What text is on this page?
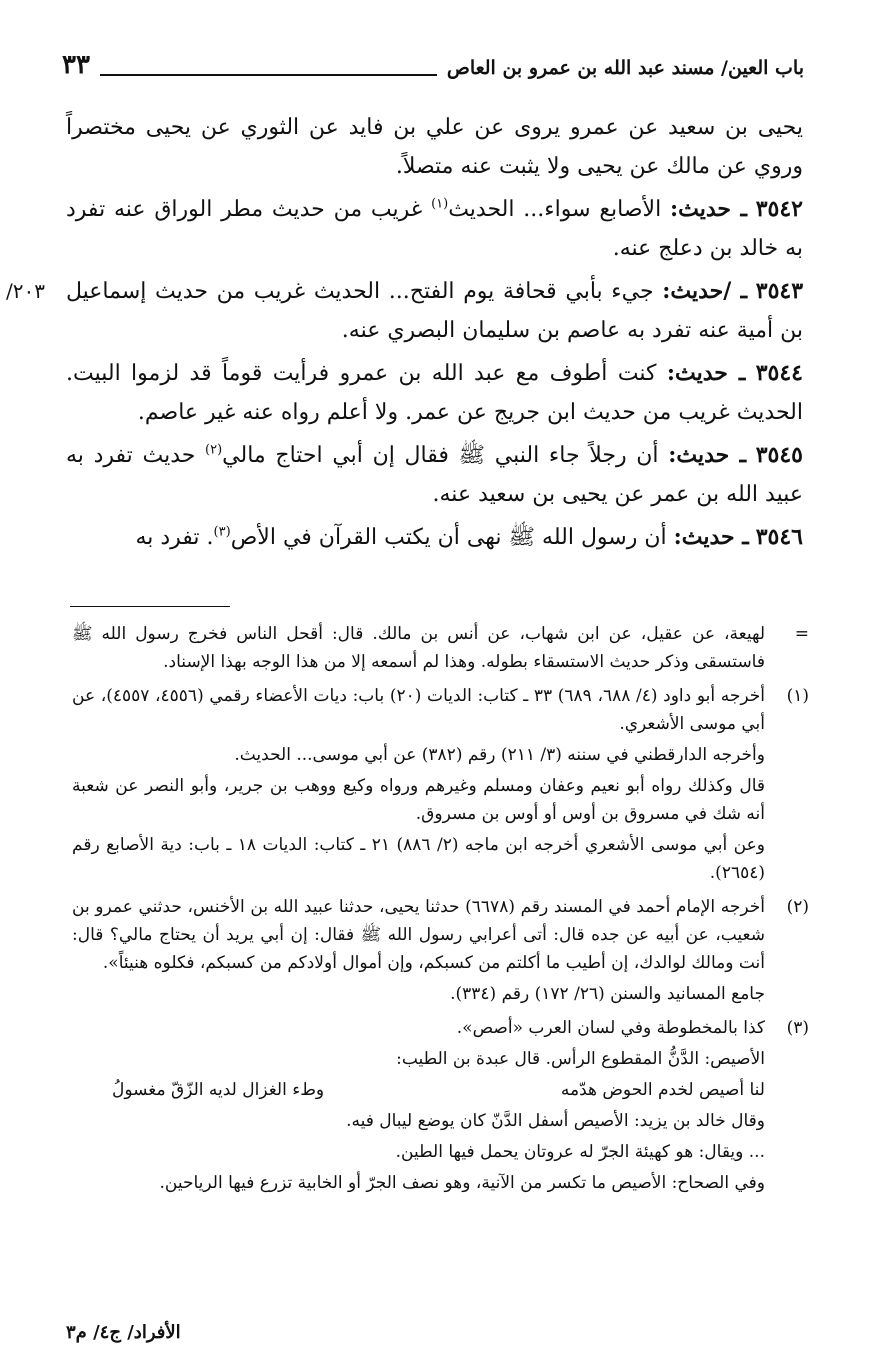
باب العين/ مسند عبد الله بن عمرو بن العاص
٣٣

يحيى بن سعيد عن عمرو يروى عن علي بن فايد عن الثوري عن يحيى مختصراً وروي عن مالك عن يحيى ولا يثبت عنه متصلاً.

٣٥٤٢ ـ حديث: الأصابع سواء... الحديث$^{(١)}$ غريب من حديث مطر الوراق عنه تفرد به خالد بن دعلج عنه.

٢٠٣/	٣٥٤٣ ـ /حديث: جيء بأبي قحافة يوم الفتح... الحديث غريب من حديث إسماعيل بن أمية عنه تفرد به عاصم بن سليمان البصري عنه.

٣٥٤٤ ـ حديث: كنت أطوف مع عبد الله بن عمرو فرأيت قوماً قد لزموا البيت. الحديث غريب من حديث ابن جريج عن عمر. ولا أعلم رواه عنه غير عاصم.

٣٥٤٥ ـ حديث: أن رجلاً جاء النبي ﷺ فقال إن أبي احتاج مالي$^{(٢)}$ حديث تفرد به عبيد الله بن عمر عن يحيى بن سعيد عنه.

٣٥٤٦ ـ حديث: أن رسول الله ﷺ نهى أن يكتب القرآن في الأص$^{(٣)}$. تفرد به

=

لهيعة، عن عقيل، عن ابن شهاب، عن أنس بن مالك. قال: أقحل الناس فخرج رسول الله ﷺ فاستسقى وذكر حديث الاستسقاء بطوله. وهذا لم أسمعه إلا من هذا الوجه بهذا الإسناد.

(١)

أخرجه أبو داود (٤/ ٦٨٨، ٦٨٩) ٣٣ ـ كتاب: الديات (٢٠) باب: ديات الأعضاء رقمي (٤٥٥٦، ٤٥٥٧)، عن أبي موسى الأشعري.

وأخرجه الدارقطني في سننه (٣/ ٢١١) رقم (٣٨٢) عن أبي موسى... الحديث.

قال وكذلك رواه أبو نعيم وعفان ومسلم وغيرهم ورواه وكيع ووهب بن جرير، وأبو النصر عن شعبة أنه شك في مسروق بن أوس أو أوس بن مسروق.

وعن أبي موسى الأشعري أخرجه ابن ماجه (٢/ ٨٨٦) ٢١ ـ كتاب: الديات ١٨ ـ باب: دية الأصابع رقم (٢٦٥٤).

(٢)

أخرجه الإمام أحمد في المسند رقم (٦٦٧٨) حدثنا يحيى، حدثنا عبيد الله بن الأخنس، حدثني عمرو بن شعيب، عن أبيه عن جده قال: أتى أعرابي رسول الله ﷺ فقال: إن أبي يريد أن يحتاج مالي؟ قال: أنت ومالك لوالدك، إن أطيب ما أكلتم من كسبكم، وإن أموال أولادكم من كسبكم، فكلوه هنيئاً».

جامع المسانيد والسنن (٢٦/ ١٧٢) رقم (٣٣٤).

(٣)

كذا بالمخطوطة وفي لسان العرب «أصص».

الأصيص: الدَّنُّ المقطوع الرأس. قال عبدة بن الطيب:

لنا أصيص لخدم الحوض هدّمه
وطء الغزال لديه الزّقّ مغسولُ

وقال خالد بن يزيد: الأصيص أسفل الدَّنّ كان يوضع ليبال فيه.

... ويقال: هو كهيئة الجرّ له عروتان يحمل فيها الطين.

وفي الصحاح: الأصيص ما تكسر من الآنية، وهو نصف الجرّ أو الخابية تزرع فيها الرياحين.

الأفراد/ ج٤/ م٣
